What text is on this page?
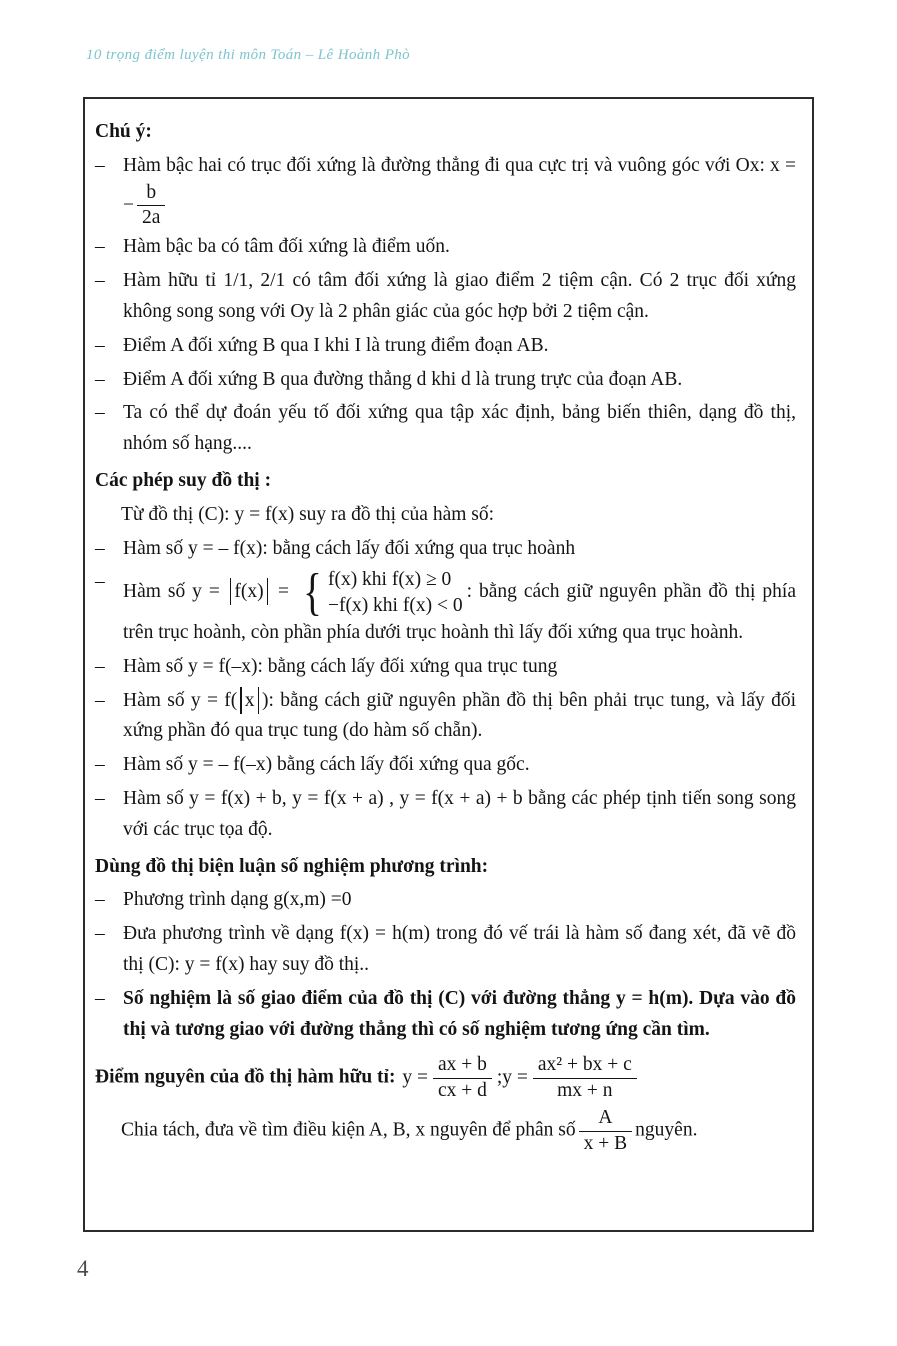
10 trọng điểm luyện thi môn Toán – Lê Hoành Phò
Chú ý:
– Hàm bậc hai có trục đối xứng là đường thẳng đi qua cực trị và vuông góc với Ox: x = − $\frac{b}{2a}$
– Hàm bậc ba có tâm đối xứng là điểm uốn.
– Hàm hữu tỉ 1/1, 2/1 có tâm đối xứng là giao điểm 2 tiệm cận. Có 2 trục đối xứng không song song với Oy là 2 phân giác của góc hợp bởi 2 tiệm cận.
– Điểm A đối xứng B qua I khi I là trung điểm đoạn AB.
– Điểm A đối xứng B qua đường thẳng d khi d là trung trực của đoạn AB.
– Ta có thể dự đoán yếu tố đối xứng qua tập xác định, bảng biến thiên, dạng đồ thị, nhóm số hạng....
Các phép suy đồ thị :
Từ đồ thị (C): y = f(x) suy ra đồ thị của hàm số:
– Hàm số y = – f(x): bằng cách lấy đối xứng qua trục hoành
– Hàm số y = f(x) = { f(x) khi f(x) ≥ 0
−f(x) khi f(x) < 0
: bằng cách giữ nguyên phần đồ thị phía trên trục hoành, còn phần phía dưới trục hoành thì lấy đối xứng qua trục hoành.
– Hàm số y = f(–x): bằng cách lấy đối xứng qua trục tung
– Hàm số y = f( x ): bằng cách giữ nguyên phần đồ thị bên phải trục tung, và lấy đối xứng phần đó qua trục tung (do hàm số chẵn).
– Hàm số y = – f(–x) bằng cách lấy đối xứng qua gốc.
– Hàm số y = f(x) + b, y = f(x + a) , y = f(x + a) + b bằng các phép tịnh tiến song song với các trục tọa độ.
Dùng đồ thị biện luận số nghiệm phương trình:
– Phương trình dạng g(x,m) =0
– Đưa phương trình về dạng f(x) = h(m) trong đó vế trái là hàm số đang xét, đã vẽ đồ thị (C): y = f(x) hay suy đồ thị..
– Số nghiệm là số giao điểm của đồ thị (C) với đường thẳng y = h(m). Dựa vào đồ thị và tương giao với đường thẳng thì có số nghiệm tương ứng cần tìm.
Điểm nguyên của đồ thị hàm hữu tỉ: $y = \frac{ax + b}{cx + d}$ ;y = $\frac{\text{ax² + bx + c}}{mx + n}$
Chia tách, đưa về tìm điều kiện A, B, x nguyên để phân số $\frac{A}{x + B}$ nguyên.
4
